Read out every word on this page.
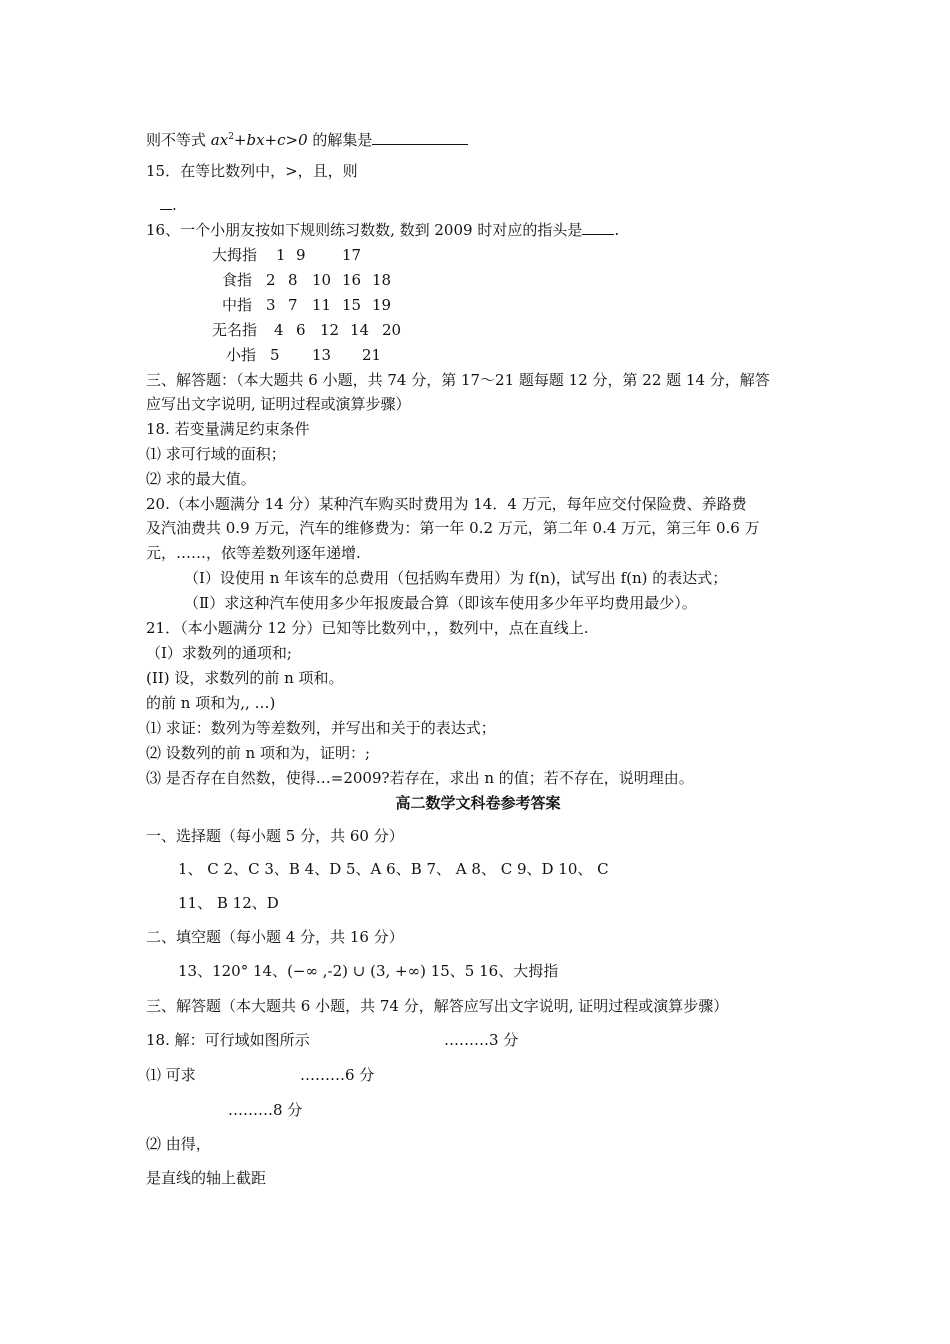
则不等式 $ax^2+bx+c>0$ 的解集是
15．在等比数列中，>，且，则
.
16、一个小朋友按如下规则练习数数, 数到 2009 时对应的指头是 .
大拇指 1 9 17
食指 2 8 10 16 18
中指 3 7 11 15 19
无名指 4 6 12 14 20
小指 5 13 21
三、解答题：（本大题共 6 小题，共 74 分，第 17～21 题每题 12 分，第 22 题 14 分，解答
应写出文字说明, 证明过程或演算步骤）
18. 若变量满足约束条件
⑴ 求可行域的面积；
⑵ 求的最大值。
20.（本小题满分 14 分）某种汽车购买时费用为 14．4 万元，每年应交付保险费、养路费
及汽油费共 0.9 万元，汽车的维修费为：第一年 0.2 万元，第二年 0.4 万元，第三年 0.6 万
元，……，依等差数列逐年递增.
（Ⅰ）设使用 n 年该车的总费用（包括购车费用）为 f(n)，试写出 f(n) 的表达式；
（Ⅱ）求这种汽车使用多少年报废最合算（即该车使用多少年平均费用最少）。
21．（本小题满分 12 分）已知等比数列中，，数列中，点在直线上.
（I）求数列的通项和;
(II) 设，求数列的前 n 项和。
的前 n 项和为,, …)
⑴ 求证：数列为等差数列，并写出和关于的表达式；
⑵ 设数列的前 n 项和为，证明：;
⑶ 是否存在自然数，使得…=2009?若存在，求出 n 的值；若不存在，说明理由。
高二数学文科卷参考答案
一、选择题（每小题 5 分，共 60 分）
1、 C 2、C 3、B 4、D 5、A 6、B 7、 A 8、 C 9、D 10、 C
11、 B 12、D
二、填空题（每小题 4 分，共 16 分）
13、120° 14、(−∞ ,-2) ∪ (3, +∞) 15、5 16、大拇指
三、解答题（本大题共 6 小题，共 74 分，解答应写出文字说明, 证明过程或演算步骤）
18. 解：可行域如图所示	………3 分
⑴ 可求	………6 分
………8 分
⑵ 由得，
是直线的轴上截距
